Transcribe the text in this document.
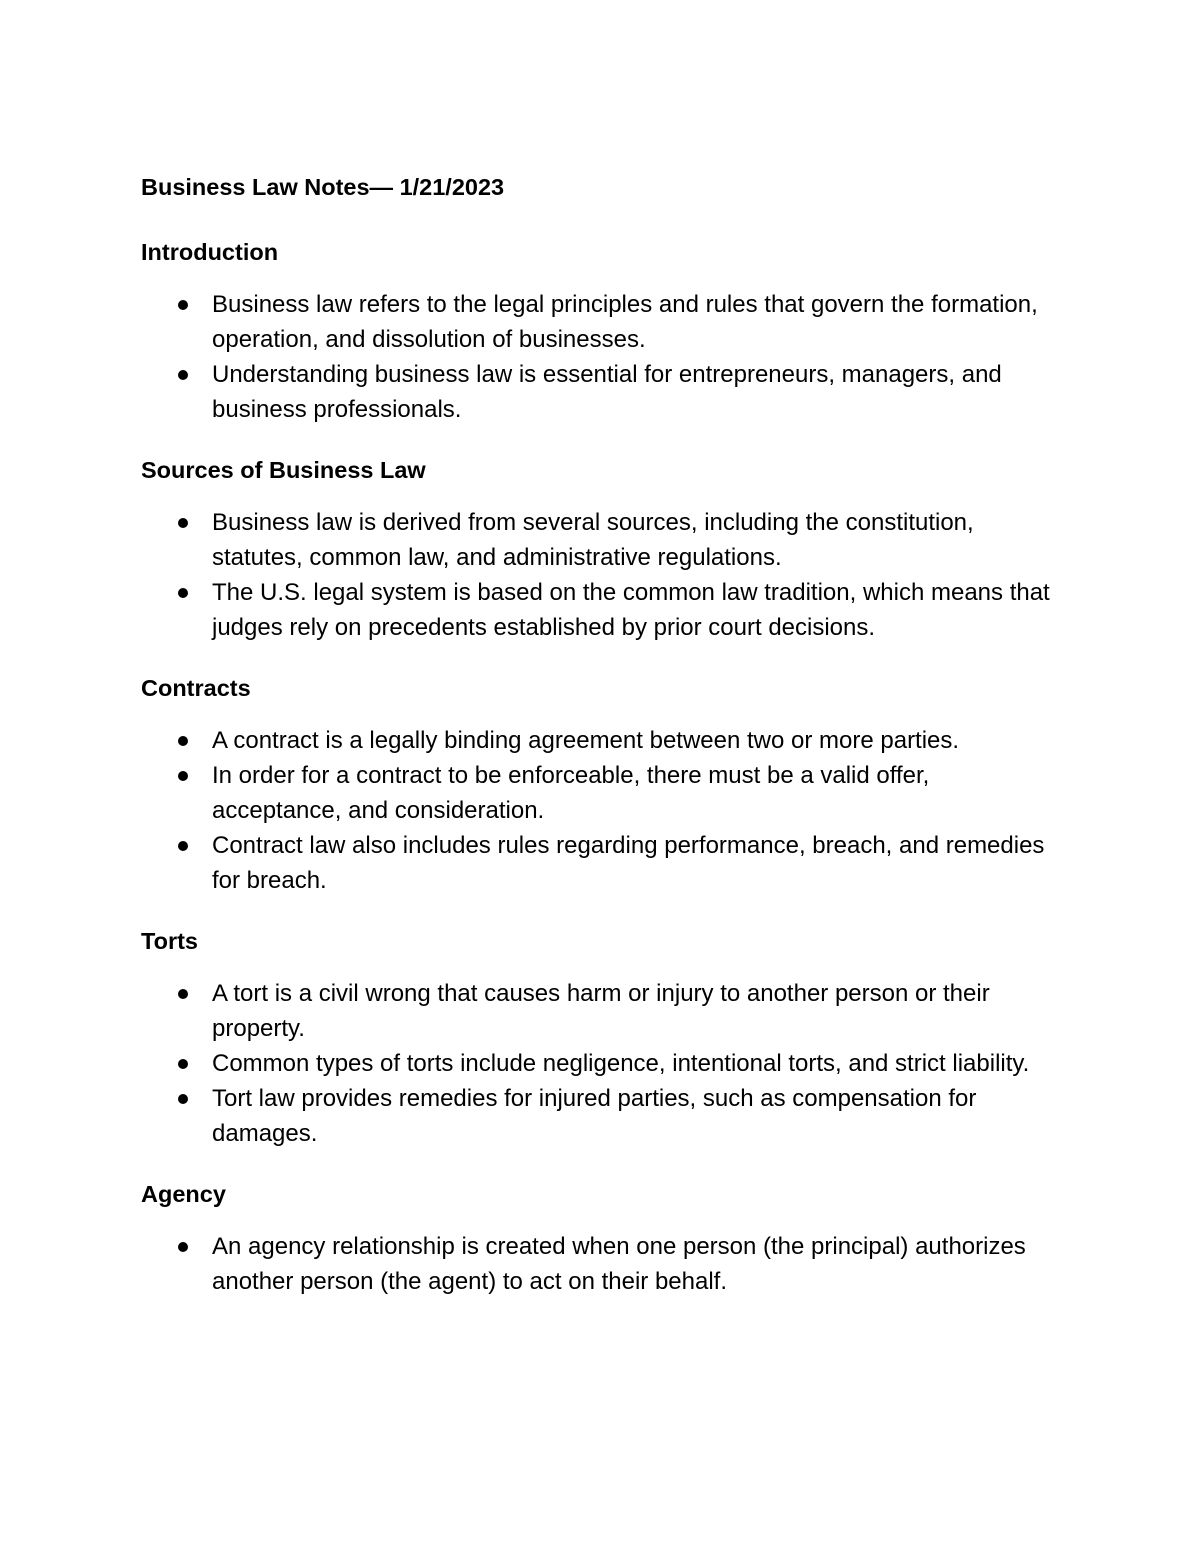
Business Law Notes— 1/21/2023
Introduction
Business law refers to the legal principles and rules that govern the formation, operation, and dissolution of businesses.
Understanding business law is essential for entrepreneurs, managers, and business professionals.
Sources of Business Law
Business law is derived from several sources, including the constitution, statutes, common law, and administrative regulations.
The U.S. legal system is based on the common law tradition, which means that judges rely on precedents established by prior court decisions.
Contracts
A contract is a legally binding agreement between two or more parties.
In order for a contract to be enforceable, there must be a valid offer, acceptance, and consideration.
Contract law also includes rules regarding performance, breach, and remedies for breach.
Torts
A tort is a civil wrong that causes harm or injury to another person or their property.
Common types of torts include negligence, intentional torts, and strict liability.
Tort law provides remedies for injured parties, such as compensation for damages.
Agency
An agency relationship is created when one person (the principal) authorizes another person (the agent) to act on their behalf.
